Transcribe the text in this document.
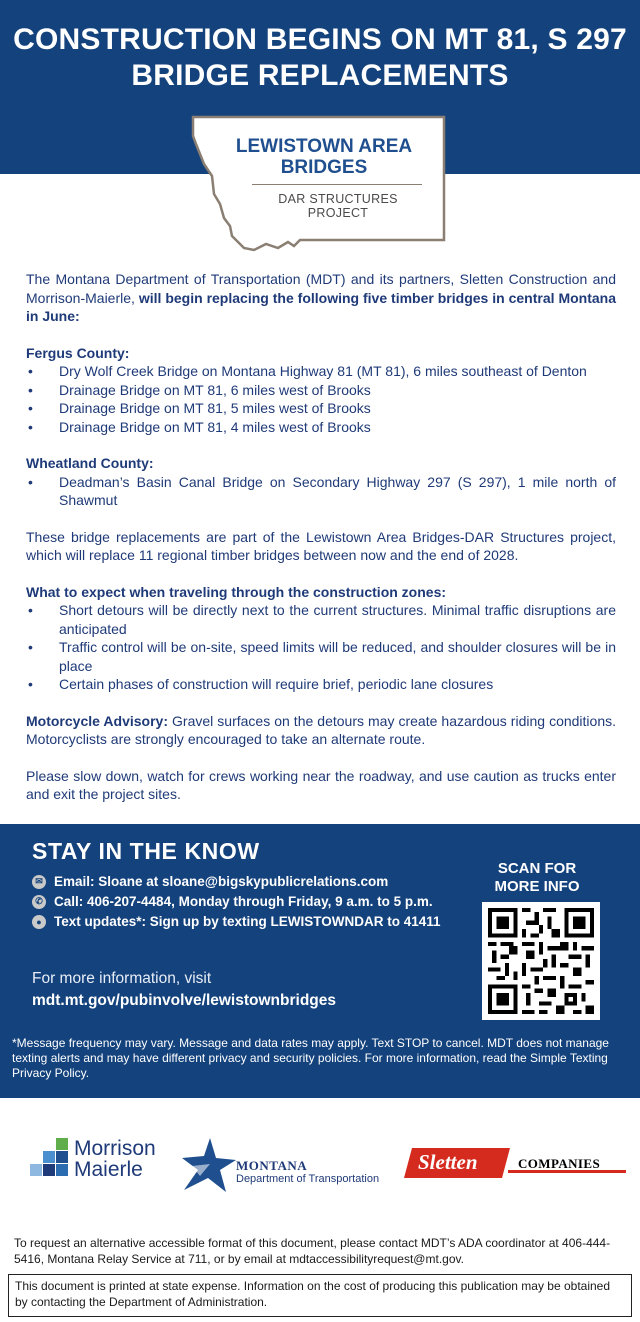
CONSTRUCTION BEGINS ON MT 81, S 297
BRIDGE REPLACEMENTS
LEWISTOWN AREA
BRIDGES
DAR STRUCTURES PROJECT

The Montana Department of Transportation (MDT) and its partners, Sletten Construction and Morrison-Maierle, will begin replacing the following five timber bridges in central Montana in June:

Fergus County:
• Dry Wolf Creek Bridge on Montana Highway 81 (MT 81), 6 miles southeast of Denton
• Drainage Bridge on MT 81, 6 miles west of Brooks
• Drainage Bridge on MT 81, 5 miles west of Brooks
• Drainage Bridge on MT 81, 4 miles west of Brooks
Wheatland County:
• Deadman’s Basin Canal Bridge on Secondary Highway 297 (S 297), 1 mile north of Shawmut

These bridge replacements are part of the Lewistown Area Bridges-DAR Structures project, which will replace 11 regional timber bridges between now and the end of 2028.

What to expect when traveling through the construction zones:
• Short detours will be directly next to the current structures. Minimal traffic disruptions are anticipated
• Traffic control will be on-site, speed limits will be reduced, and shoulder closures will be in place
• Certain phases of construction will require brief, periodic lane closures

Motorcycle Advisory: Gravel surfaces on the detours may create hazardous riding conditions. Motorcyclists are strongly encouraged to take an alternate route.

Please slow down, watch for crews working near the roadway, and use caution as trucks enter and exit the project sites.

STAY IN THE KNOW
✉ Email: Sloane at sloane@bigskypublicrelations.com
✆ Call: 406-207-4484, Monday through Friday, 9 a.m. to 5 p.m.
● Text updates*: Sign up by texting LEWISTOWNDAR to 41411
For more information, visit
mdt.mt.gov/pubinvolve/lewistownbridges
SCAN FOR
MORE INFO
*Message frequency may vary. Message and data rates may apply. Text STOP to cancel. MDT does not manage texting alerts and may have different privacy and security policies. For more information, read the Simple Texting Privacy Policy.
Morrison
Maierle	MONTANA
Department of Transportation
Sletten	COMPANIES
To request an alternative accessible format of this document, please contact MDT’s ADA coordinator at 406-444-5416, Montana Relay Service at 711, or by email at mdtaccessibilityrequest@mt.gov.
This document is printed at state expense. Information on the cost of producing this publication may be obtained by contacting the Department of Administration.
